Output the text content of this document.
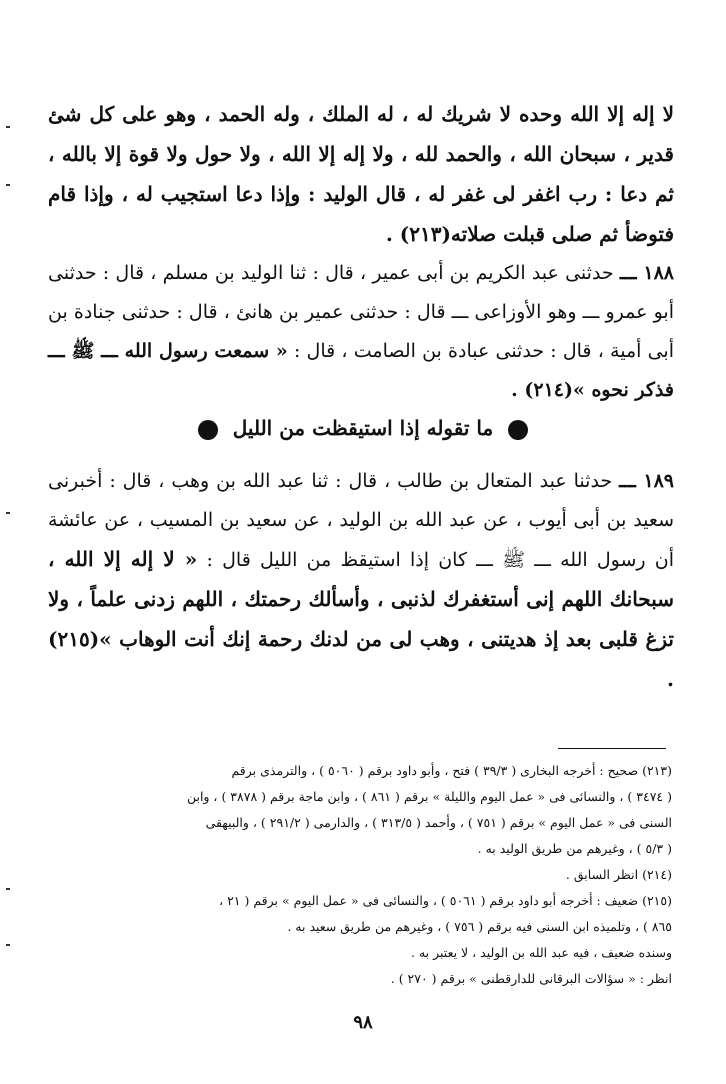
لا إله إلا الله وحده لا شريك له ، له الملك ، وله الحمد ، وهو على كل شئ قدير ، سبحان الله ، والحمد لله ، ولا إله إلا الله ، ولا حول ولا قوة إلا بالله ، ثم دعا : رب اغفر لى غفر له ، قال الوليد : وإذا دعا استجيب له ، وإذا قام فتوضأ ثم صلى قبلت صلاته(٢١٣) .
١٨٨ ـــ حدثنى عبد الكريم بن أبى عمير ، قال : ثنا الوليد بن مسلم ، قال : حدثنى أبو عمرو ـــ وهو الأوزاعى ـــ قال : حدثنى عمير بن هانئ ، قال : حدثنى جنادة بن أبى أمية ، قال : حدثنى عبادة بن الصامت ، قال : « سمعت رسول الله ـــ ﷺ ـــ فذكر نحوه »(٢١٤) .
ما تقوله إذا استيقظت من الليل
١٨٩ ـــ حدثنا عبد المتعال بن طالب ، قال : ثنا عبد الله بن وهب ، قال : أخبرنى سعيد بن أبى أيوب ، عن عبد الله بن الوليد ، عن سعيد بن المسيب ، عن عائشة أن رسول الله ـــ ﷺ ـــ كان إذا استيقظ من الليل قال : « لا إله إلا الله ، سبحانك اللهم إنى أستغفرك لذنبى ، وأسألك رحمتك ، اللهم زدنى علماً ، ولا تزغ قلبى بعد إذ هديتنى ، وهب لى من لدنك رحمة إنك أنت الوهاب »(٢١٥) .
(٢١٣) صحيح : أخرجه البخارى ( ٣٩/٣ ) فتح ، وأبو داود برقم ( ٥٠٦٠ ) ، والترمذى برقم
( ٣٤٧٤ ) ، والنسائى فى « عمل اليوم والليلة » برقم ( ٨٦١ ) ، وابن ماجة برقم ( ٣٨٧٨ ) ، وابن
السنى فى « عمل اليوم » برقم ( ٧٥١ ) ، وأحمد ( ٣١٣/٥ ) ، والدارمى ( ٢٩١/٢ ) ، والبيهقى
( ٥/٣ ) ، وغيرهم من طريق الوليد به .
(٢١٤) انظر السابق .
(٢١٥) ضعيف : أخرجه أبو داود برقم ( ٥٠٦١ ) ، والنسائى فى « عمل اليوم » برقم ( ٢١ ،
٨٦٥ ) ، وتلميذه ابن السنى فيه برقم ( ٧٥٦ ) ، وغيرهم من طريق سعيد به .
وسنده ضعيف ، فيه عبد الله بن الوليد ، لا يعتبر به .
انظر : « سؤالات البرقانى للدارقطنى » برقم ( ٢٧٠ ) .
٩٨
